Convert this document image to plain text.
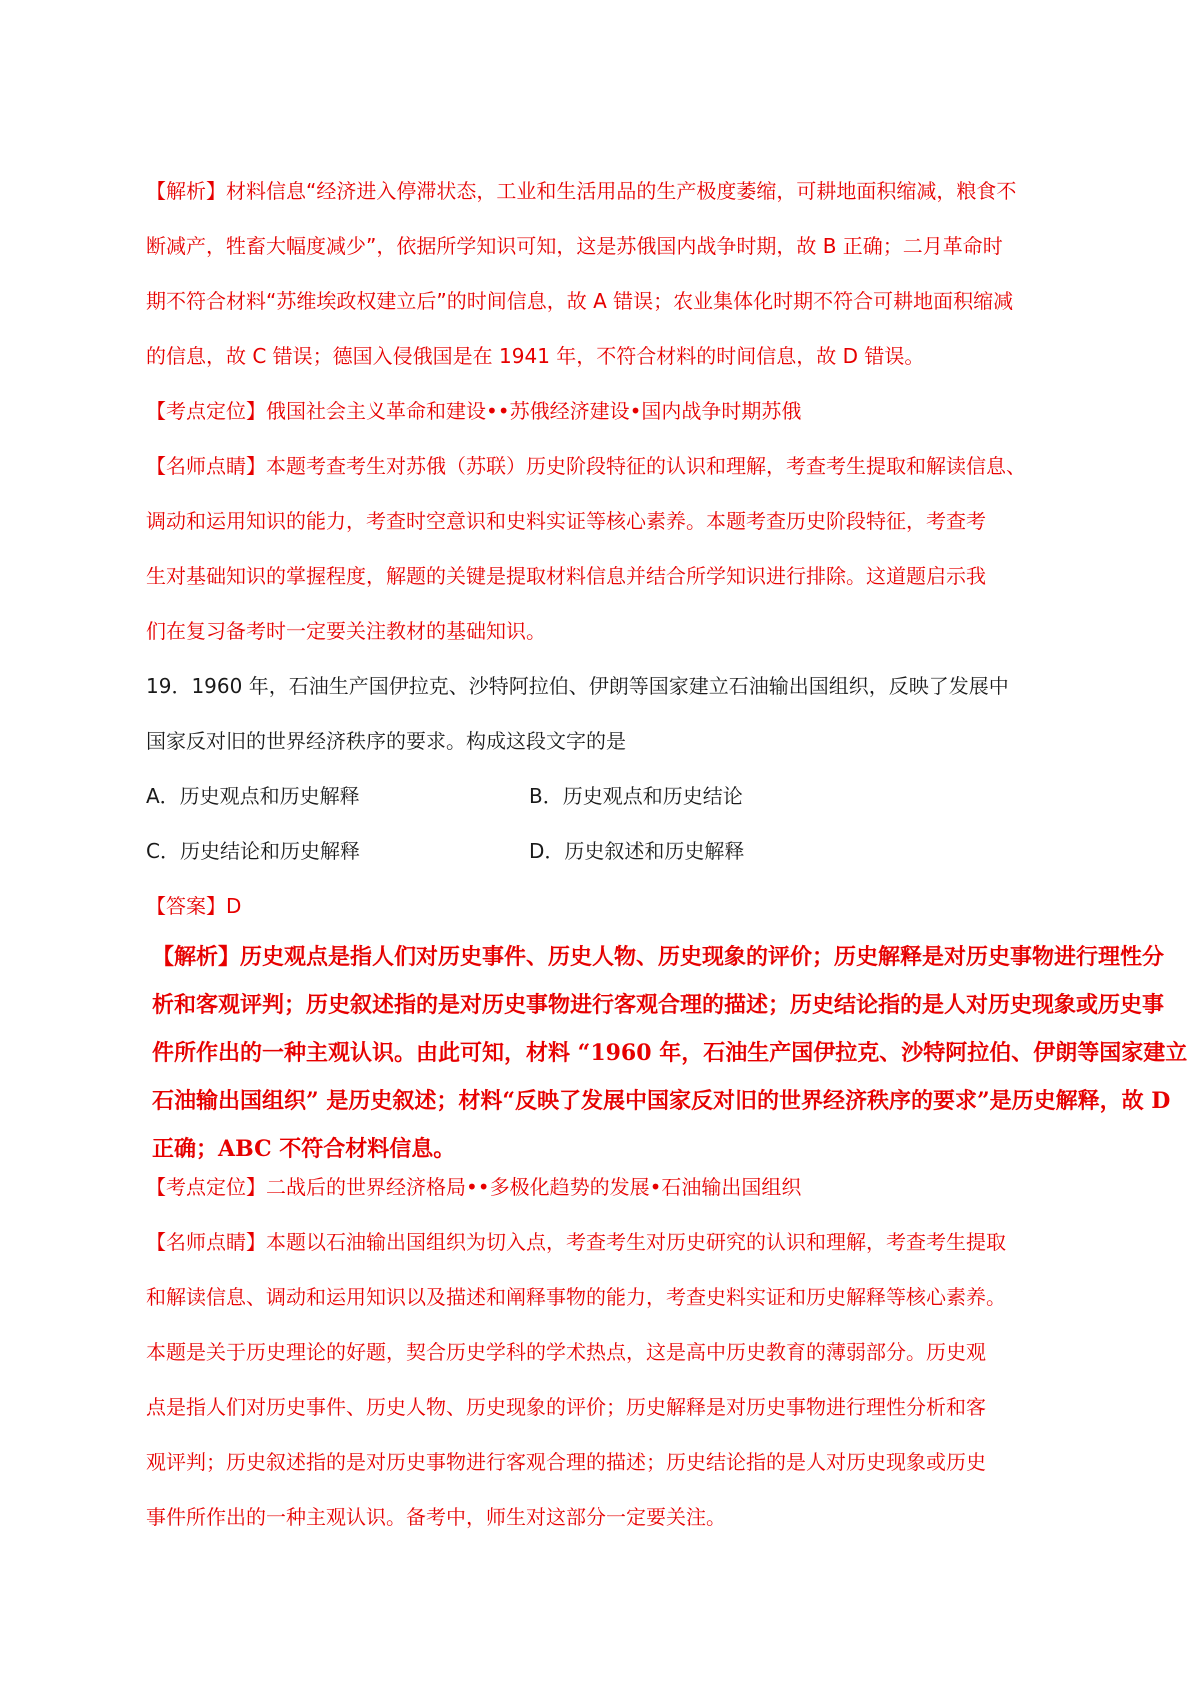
【解析】材料信息“经济进入停滞状态，工业和生活用品的生产极度萎缩，可耕地面积缩减，粮食不
断减产，牲畜大幅度减少”，依据所学知识可知，这是苏俄国内战争时期，故 B 正确；二月革命时
期不符合材料“苏维埃政权建立后”的时间信息，故 A 错误；农业集体化时期不符合可耕地面积缩减
的信息，故 C 错误；德国入侵俄国是在 1941 年，不符合材料的时间信息，故 D 错误。
【考点定位】俄国社会主义革命和建设••苏俄经济建设•国内战争时期苏俄
【名师点睛】本题考查考生对苏俄（苏联）历史阶段特征的认识和理解，考查考生提取和解读信息、
调动和运用知识的能力，考查时空意识和史料实证等核心素养。本题考查历史阶段特征，考查考
生对基础知识的掌握程度，解题的关键是提取材料信息并结合所学知识进行排除。这道题启示我
们在复习备考时一定要关注教材的基础知识。
19．1960 年，石油生产国伊拉克、沙特阿拉伯、伊朗等国家建立石油输出国组织，反映了发展中
国家反对旧的世界经济秩序的要求。构成这段文字的是
A．历史观点和历史解释	B．历史观点和历史结论
C．历史结论和历史解释	D．历史叙述和历史解释
【答案】D
【解析】历史观点是指人们对历史事件、历史人物、历史现象的评价；历史解释是对历史事物进行理性分
析和客观评判；历史叙述指的是对历史事物进行客观合理的描述；历史结论指的是人对历史现象或历史事
件所作出的一种主观认识。由此可知，材料 “1960 年，石油生产国伊拉克、沙特阿拉伯、伊朗等国家建立
石油输出国组织” 是历史叙述；材料“反映了发展中国家反对旧的世界经济秩序的要求”是历史解释，故 D
正确；ABC 不符合材料信息。
【考点定位】二战后的世界经济格局••多极化趋势的发展•石油输出国组织
【名师点睛】本题以石油输出国组织为切入点，考查考生对历史研究的认识和理解，考查考生提取
和解读信息、调动和运用知识以及描述和阐释事物的能力，考查史料实证和历史解释等核心素养。
本题是关于历史理论的好题，契合历史学科的学术热点，这是高中历史教育的薄弱部分。历史观
点是指人们对历史事件、历史人物、历史现象的评价；历史解释是对历史事物进行理性分析和客
观评判；历史叙述指的是对历史事物进行客观合理的描述；历史结论指的是人对历史现象或历史
事件所作出的一种主观认识。备考中，师生对这部分一定要关注。
